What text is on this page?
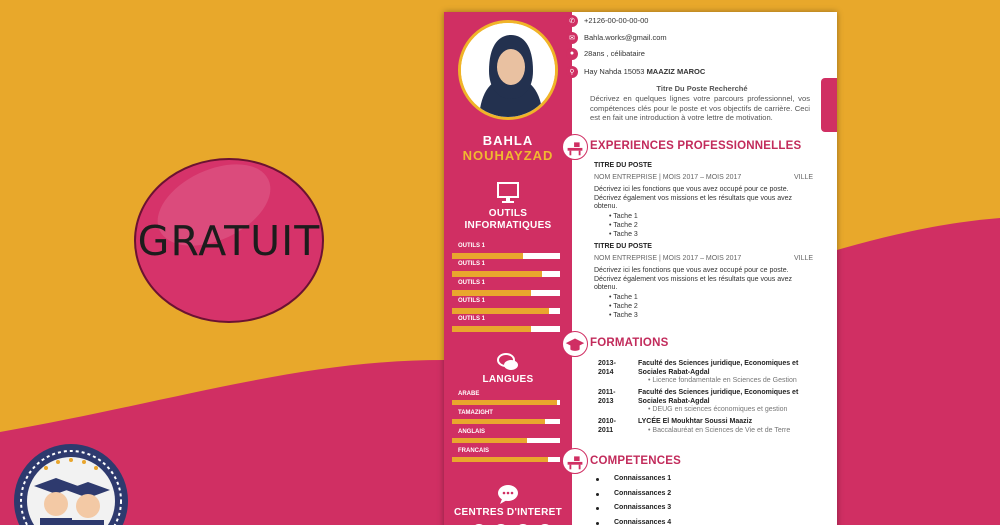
GRATUIT
BAHLA
NOUHAYZAD
OUTILS
INFORMATIQUES
OUTILS 1
OUTILS 1
OUTILS 1
OUTILS 1
OUTILS 1
LANGUES
ARABE
TAMAZIGHT
ANGLAIS
FRANCAIS
CENTRES D'INTERET
✆	+2126-00-00-00-00
✉	Bahla.works@gmail.com
●	28ans , célibataire
⚲	Hay Nahda 15053 MAAZIZ MAROC
Titre Du Poste Recherché
Décrivez en quelques lignes votre parcours professionnel, vos compétences clés pour le poste et vos objectifs de carrière. Ceci est en fait une introduction à votre lettre de motivation.
EXPERIENCES PROFESSIONNELLES
TITRE DU POSTE
NOM ENTREPRISE | MOIS 2017 – MOIS 2017	VILLE
Décrivez ici les fonctions que vous avez occupé pour ce poste. Décrivez également vos missions et les résultats que vous avez obtenu.
• Tache 1
• Tache 2
• Tache 3
TITRE DU POSTE
NOM ENTREPRISE | MOIS 2017 – MOIS 2017	VILLE
Décrivez ici les fonctions que vous avez occupé pour ce poste. Décrivez également vos missions et les résultats que vous avez obtenu.
• Tache 1
• Tache 2
• Tache 3
FORMATIONS
2013-
2014
Faculté des Sciences juridique, Economiques et Sociales Rabat-Agdal
• Licence fondamentale en Sciences de Gestion
2011-
2013
Faculté des Sciences juridique, Economiques et Sociales Rabat-Agdal
• DEUG en sciences économiques et gestion
2010-
2011
LYCÉE El Moukhtar Soussi Maaziz
• Baccalauréat en Sciences de Vie et de Terre
COMPETENCES
Connaissances 1
Connaissances 2
Connaissances 3
Connaissances 4
